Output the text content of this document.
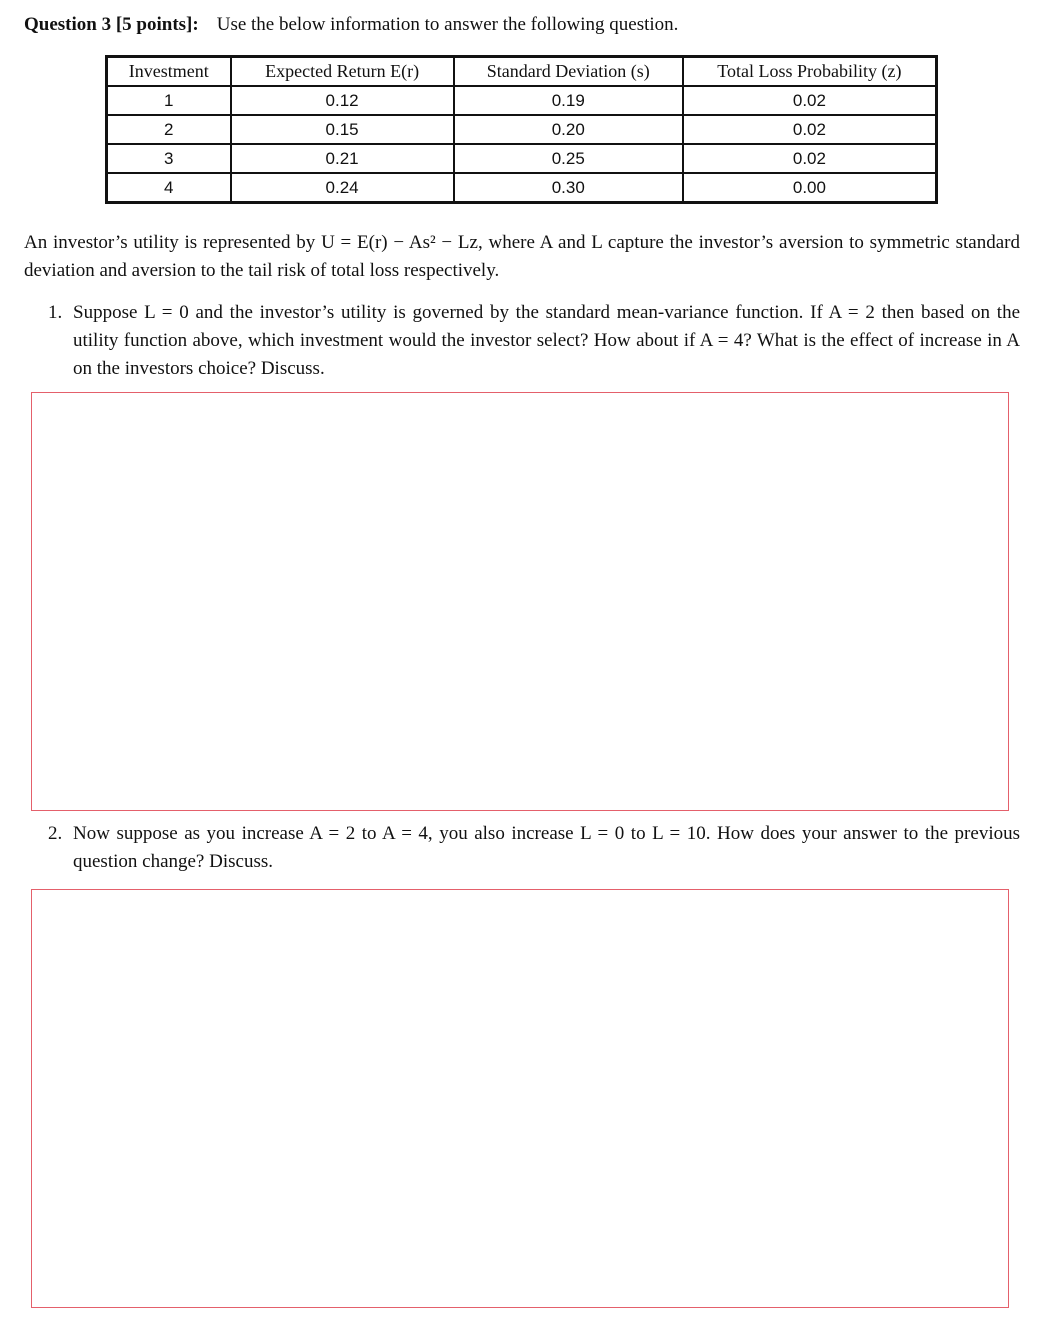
Question 3 [5 points]: Use the below information to answer the following question.
Investment	Expected Return E(r)	Standard Deviation (s)	Total Loss Probability (z)
1	0.12	0.19	0.02
2	0.15	0.20	0.02
3	0.21	0.25	0.02
4	0.24	0.30	0.00
An investor’s utility is represented by U = E(r) − As² − Lz, where A and L capture the investor’s aversion to symmetric standard deviation and aversion to the tail risk of total loss respectively.
1. Suppose L = 0 and the investor’s utility is governed by the standard mean-variance function. If A = 2 then based on the utility function above, which investment would the investor select? How about if A = 4? What is the effect of increase in A on the investors choice? Discuss.
2. Now suppose as you increase A = 2 to A = 4, you also increase L = 0 to L = 10. How does your answer to the previous question change? Discuss.
